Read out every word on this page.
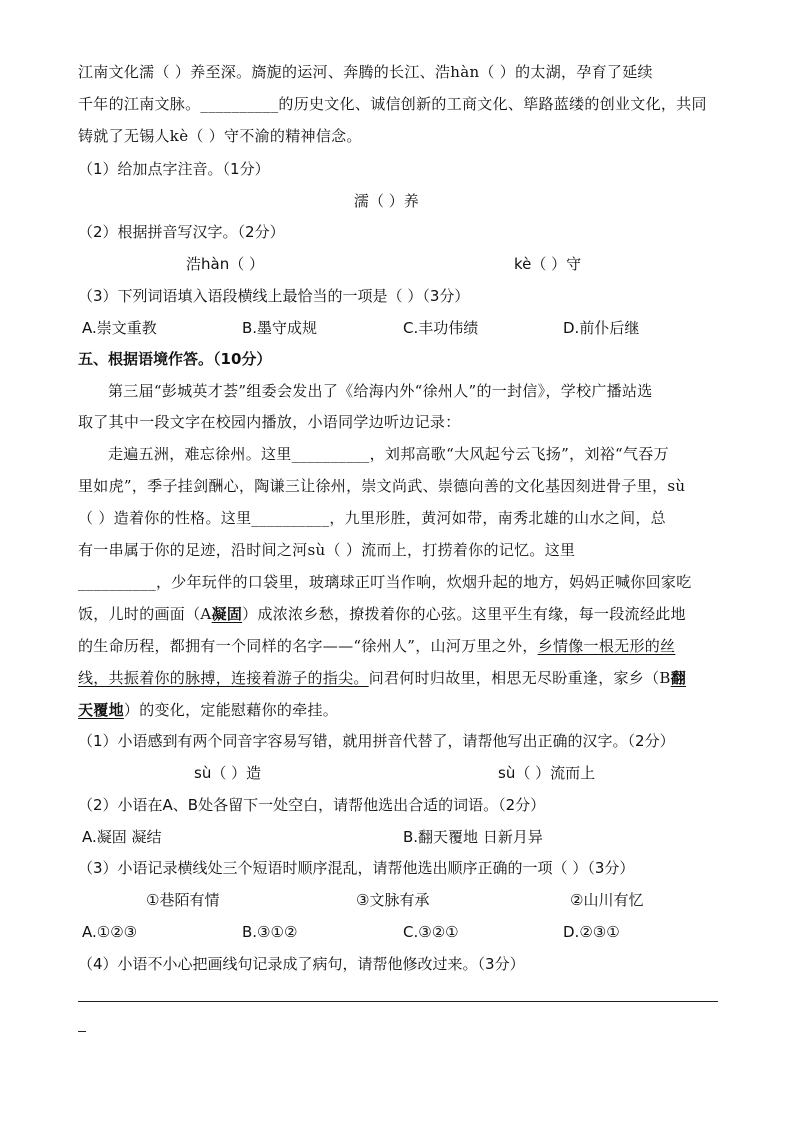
江南文化濡（ ）养至深。旖旎的运河、奔腾的长江、浩hàn（ ）的太湖，孕育了延续
千年的江南文脉。__________的历史文化、诚信创新的工商文化、筚路蓝缕的创业文化，共同
铸就了无锡人kè（ ）守不渝的精神信念。
（1）给加点字注音。（1分）
濡（ ）养
（2）根据拼音写汉字。（2分）
浩hàn（ ）	kè（ ）守
（3）下列词语填入语段横线上最恰当的一项是（ ）（3分）
A.崇文重教	B.墨守成规	C.丰功伟绩	D.前仆后继
五、根据语境作答。（10分）
第三届“彭城英才荟”组委会发出了《给海内外“徐州人”的一封信》，学校广播站选
取了其中一段文字在校园内播放，小语同学边听边记录：
走遍五洲，难忘徐州。这里__________，刘邦高歌“大风起兮云飞扬”，刘裕“气吞万
里如虎”，季子挂剑酬心，陶谦三让徐州，崇文尚武、崇德向善的文化基因刻进骨子里，sù
（ ）造着你的性格。这里__________，九里形胜，黄河如带，南秀北雄的山水之间，总
有一串属于你的足迹，沿时间之河sù（ ）流而上，打捞着你的记忆。这里
__________，少年玩伴的口袋里，玻璃球正叮当作响，炊烟升起的地方，妈妈正喊你回家吃
饭，儿时的画面（A凝固）成浓浓乡愁，撩拨着你的心弦。这里平生有缘，每一段流经此地
的生命历程，都拥有一个同样的名字——“徐州人”，山河万里之外，乡情像一根无形的丝
线，共振着你的脉搏，连接着游子的指尖。问君何时归故里，相思无尽盼重逢，家乡（B翻
天覆地）的变化，定能慰藉你的牵挂。
（1）小语感到有两个同音字容易写错，就用拼音代替了，请帮他写出正确的汉字。（2分）
sù（ ）造	sù（ ）流而上
（2）小语在A、B处各留下一处空白，请帮他选出合适的词语。（2分）
A.凝固 凝结	B.翻天覆地 日新月异
（3）小语记录横线处三个短语时顺序混乱，请帮他选出顺序正确的一项（ ）（3分）
①巷陌有情	③文脉有承	②山川有忆
A.①②③	B.③①②	C.③②①	D.②③①
（4）小语不小心把画线句记录成了病句，请帮他修改过来。（3分）
